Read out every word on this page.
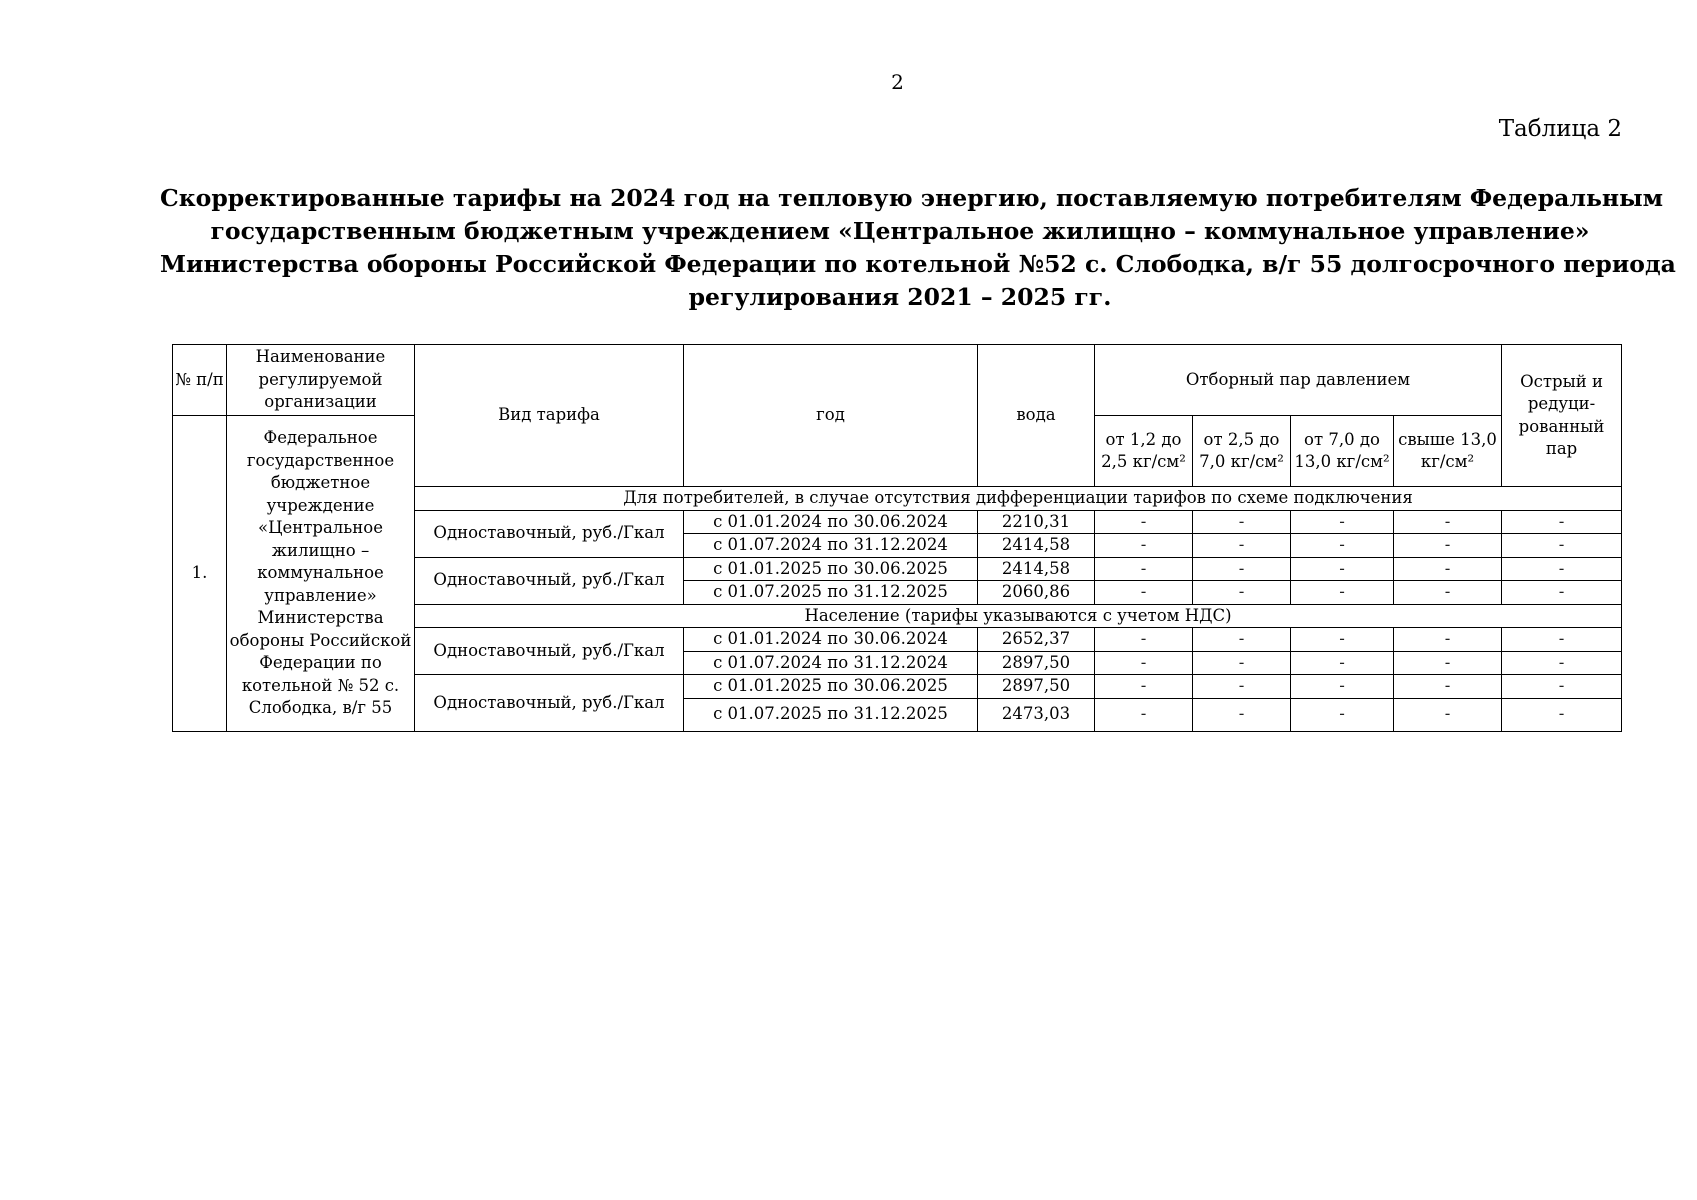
2
Таблица 2
Скорректированные тарифы на 2024 год на тепловую энергию, поставляемую потребителям Федеральным
государственным бюджетным учреждением «Центральное жилищно – коммунальное управление»
Министерства обороны Российской Федерации по котельной №52 с. Слободка, в/г 55 долгосрочного периода
регулирования 2021 – 2025 гг.
№ п/п	Наименование регулируемой организации	Вид тарифа	год	вода	Отборный пар давлением				Острый и редуци-рованный пар
1.	Федеральное государственное бюджетное учреждение «Центральное жилищно – коммунальное управление» Министерства обороны Российской Федерации по котельной № 52 с. Слободка, в/г 55				от 1,2 до 2,5 кг/см²	от 2,5 до 7,0 кг/см²	от 7,0 до 13,0 кг/см²	свыше 13,0 кг/см²	
		Для потребителей, в случае отсутствия дифференциации тарифов по схеме подключения							
		Одноставочный, руб./Гкал	с 01.01.2024 по 30.06.2024	2210,31	-	-	-	-	-
			с 01.07.2024 по 31.12.2024	2414,58	-	-	-	-	-
		Одноставочный, руб./Гкал	с 01.01.2025 по 30.06.2025	2414,58	-	-	-	-	-
			с 01.07.2025 по 31.12.2025	2060,86	-	-	-	-	-
		Население (тарифы указываются с учетом НДС)							
		Одноставочный, руб./Гкал	с 01.01.2024 по 30.06.2024	2652,37	-	-	-	-	-
			с 01.07.2024 по 31.12.2024	2897,50	-	-	-	-	-
		Одноставочный, руб./Гкал	с 01.01.2025 по 30.06.2025	2897,50	-	-	-	-	-
			с 01.07.2025 по 31.12.2025	2473,03	-	-	-	-	-
